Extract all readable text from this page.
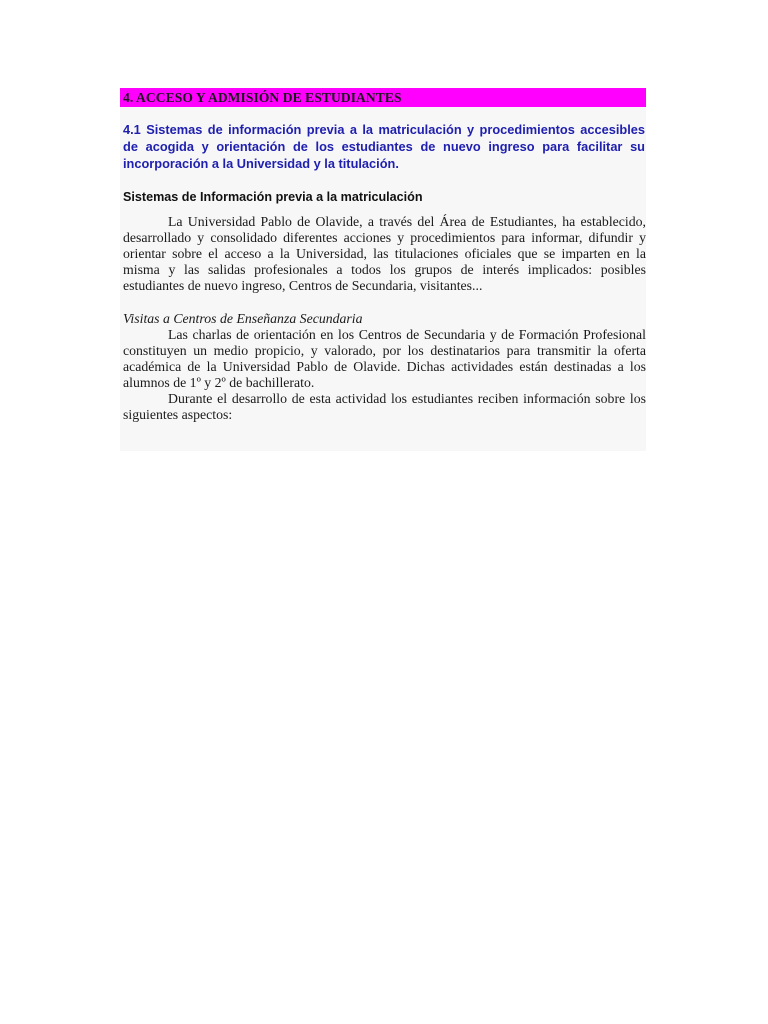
4. ACCESO Y ADMISIÓN DE ESTUDIANTES
4.1 Sistemas de información previa a la matriculación y procedimientos accesibles de acogida y orientación de los estudiantes de nuevo ingreso para facilitar su incorporación a la Universidad y la titulación.
Sistemas de Información previa a la matriculación

La Universidad Pablo de Olavide, a través del Área de Estudiantes, ha establecido, desarrollado y consolidado diferentes acciones y procedimientos para informar, difundir y orientar sobre el acceso a la Universidad, las titulaciones oficiales que se imparten en la misma y las salidas profesionales a todos los grupos de interés implicados: posibles estudiantes de nuevo ingreso, Centros de Secundaria, visitantes...

Visitas a Centros de Enseñanza Secundaria

Las charlas de orientación en los Centros de Secundaria y de Formación Profesional constituyen un medio propicio, y valorado, por los destinatarios para transmitir la oferta académica de la Universidad Pablo de Olavide. Dichas actividades están destinadas a los alumnos de 1º y 2º de bachillerato.

Durante el desarrollo de esta actividad los estudiantes reciben información sobre los siguientes aspectos:
